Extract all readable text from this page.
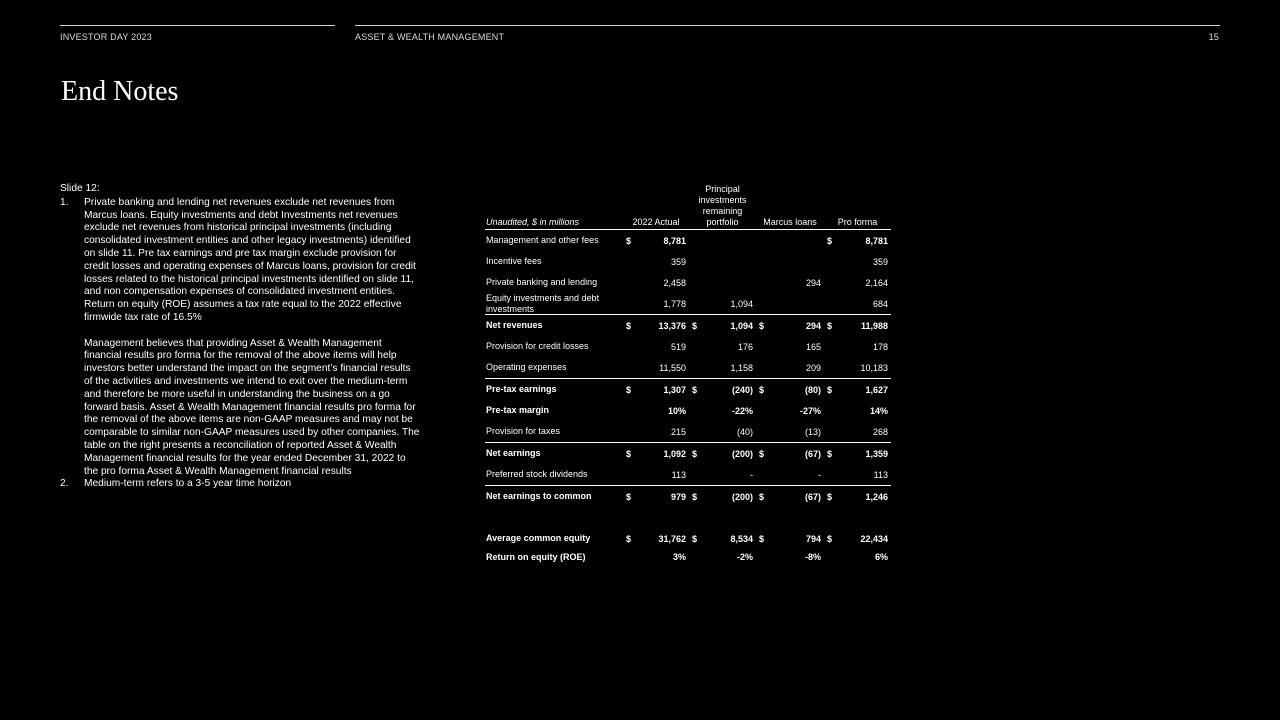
INVESTOR DAY 2023	ASSET & WEALTH MANAGEMENT	15
End Notes

Slide 12:

1. Private banking and lending net revenues exclude net revenues from Marcus loans. Equity investments and debt Investments net revenues exclude net revenues from historical principal investments (including consolidated investment entities and other legacy investments) identified on slide 11. Pre tax earnings and pre tax margin exclude provision for credit losses and operating expenses of Marcus loans, provision for credit losses related to the historical principal investments identified on slide 11, and non compensation expenses of consolidated investment entities. Return on equity (ROE) assumes a tax rate equal to the 2022 effective firmwide tax rate of 16.5%

Management believes that providing Asset & Wealth Management financial results pro forma for the removal of the above items will help investors better understand the impact on the segment’s financial results of the activities and investments we intend to exit over the medium-term and therefore be more useful in understanding the business on a go forward basis. Asset & Wealth Management financial results pro forma for the removal of the above items are non-GAAP measures and may not be comparable to similar non-GAAP measures used by other companies. The table on the right presents a reconciliation of reported Asset & Wealth Management financial results for the year ended December 31, 2022 to the pro forma Asset & Wealth Management financial results

2. Medium-term refers to a 3-5 year time horizon

Unaudited, $ in millions	2022 Actual	Principal investments remaining portfolio	Marcus loans	Pro forma
Management and other fees	$ 8,781			$ 8,781

Incentive fees	359			359

Private banking and lending	2,458		294	2,164

Equity investments and debt investments	1,778	1,094		684

Net revenues	$ 13,376	$ 1,094	$ 294	$ 11,988

Provision for credit losses	519	176	165	178

Operating expenses	11,550	1,158	209	10,183

Pre-tax earnings	$ 1,307	$ (240)	$ (80)	$ 1,627

Pre-tax margin	10%	-22%	-27%	14%

Provision for taxes	215	(40)	(13)	268

Net earnings	$ 1,092	$ (200)	$ (67)	$ 1,359

Preferred stock dividends	113	-	-	113

Net earnings to common	$ 979	$ (200)	$ (67)	$ 1,246

Average common equity	$ 31,762	$ 8,534	$ 794	$ 22,434

Return on equity (ROE)	3%	-2%	-8%	6%
